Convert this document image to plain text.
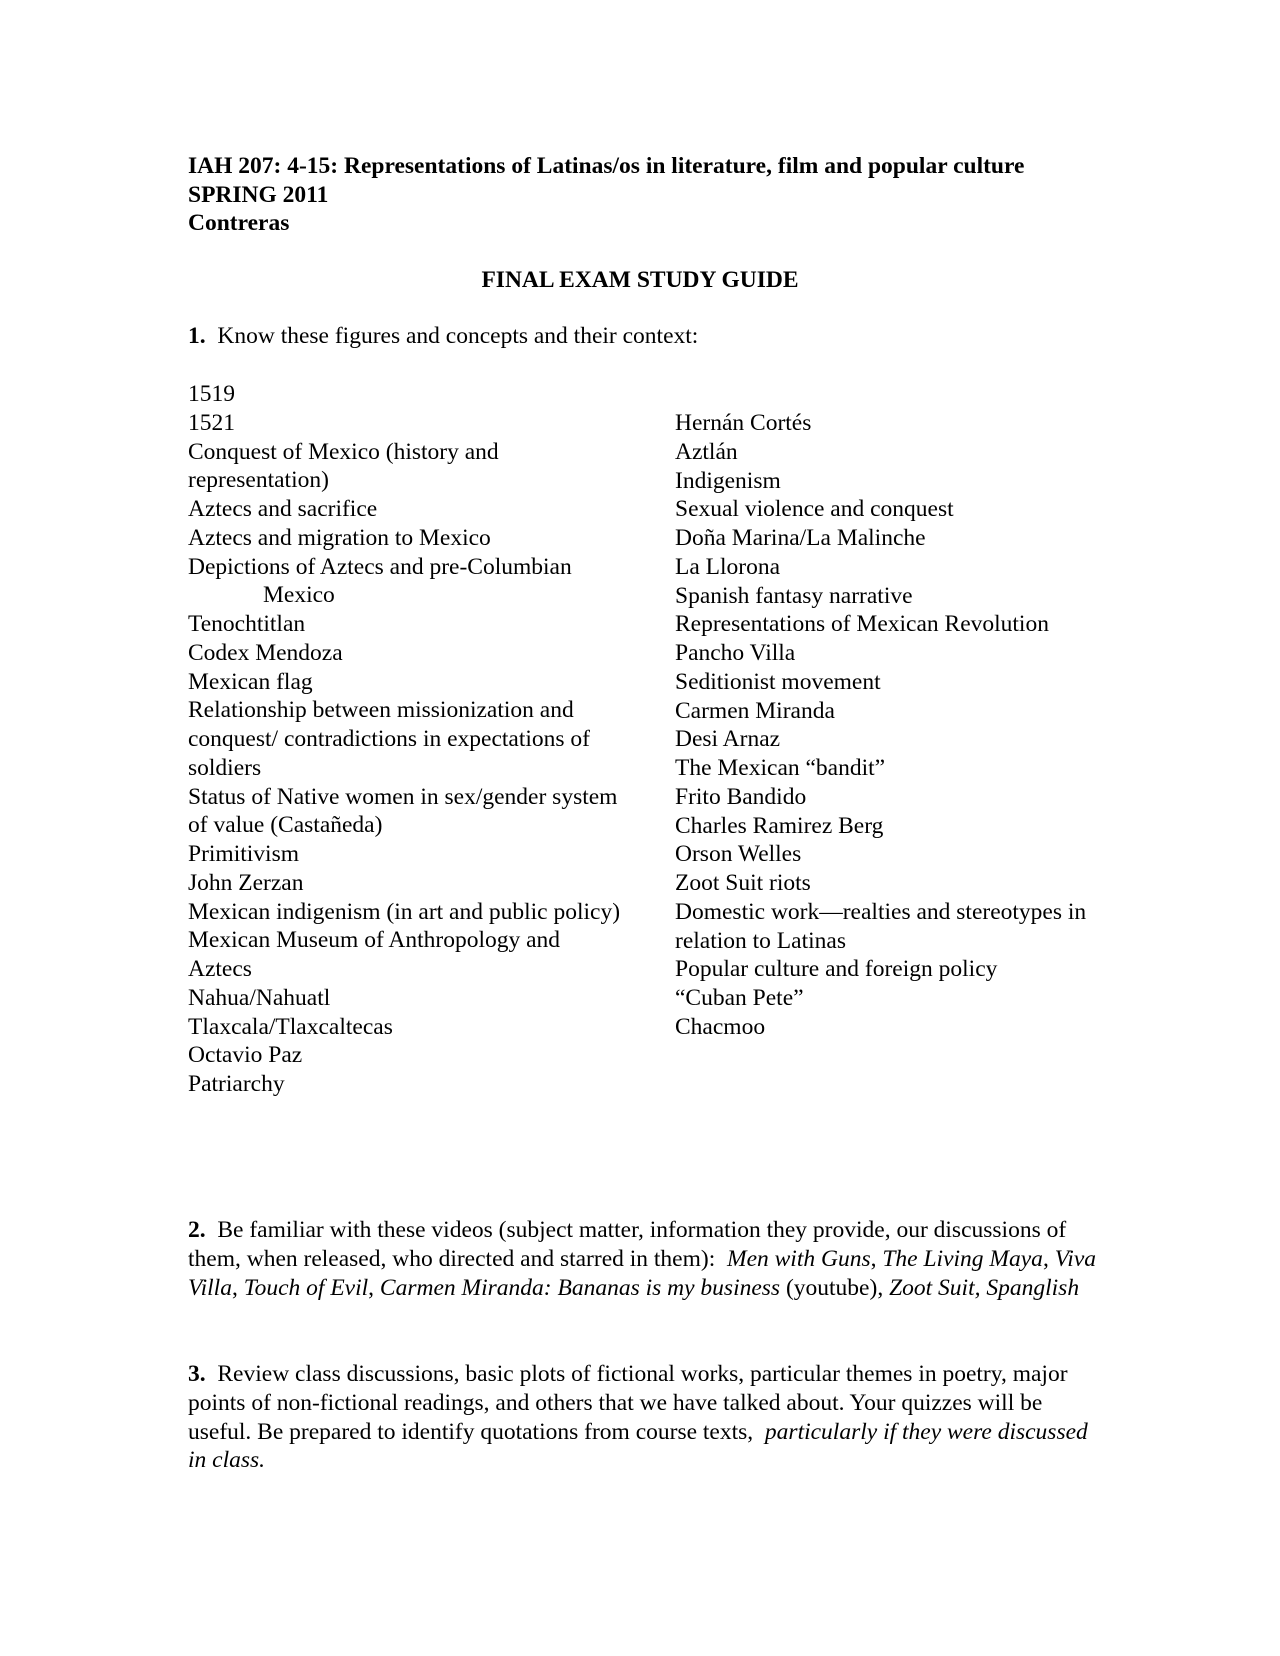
IAH 207: 4-15: Representations of Latinas/os in literature, film and popular culture
SPRING 2011
Contreras
FINAL EXAM STUDY GUIDE
1. Know these figures and concepts and their context:
1519
1521
Conquest of Mexico (history and representation)
Aztecs and sacrifice
Aztecs and migration to Mexico
Depictions of Aztecs and pre-Columbian
Mexico
Tenochtitlan
Codex Mendoza
Mexican flag
Relationship between missionization and conquest/ contradictions in expectations of soldiers
Status of Native women in sex/gender system of value (Castañeda)
Primitivism
John Zerzan
Mexican indigenism (in art and public policy)
Mexican Museum of Anthropology and Aztecs
Nahua/Nahuatl
Tlaxcala/Tlaxcaltecas
Octavio Paz
Patriarchy
Hernán Cortés
Aztlán
Indigenism
Sexual violence and conquest
Doña Marina/La Malinche
La Llorona
Spanish fantasy narrative
Representations of Mexican Revolution
Pancho Villa
Seditionist movement
Carmen Miranda
Desi Arnaz
The Mexican “bandit”
Frito Bandido
Charles Ramirez Berg
Orson Welles
Zoot Suit riots
Domestic work—realties and stereotypes in relation to Latinas
Popular culture and foreign policy
“Cuban Pete”
Chacmoo
2. Be familiar with these videos (subject matter, information they provide, our discussions of them, when released, who directed and starred in them): Men with Guns, The Living Maya, Viva Villa, Touch of Evil, Carmen Miranda: Bananas is my business (youtube), Zoot Suit, Spanglish
3. Review class discussions, basic plots of fictional works, particular themes in poetry, major points of non-fictional readings, and others that we have talked about. Your quizzes will be useful. Be prepared to identify quotations from course texts,  particularly if they were discussed in class.
